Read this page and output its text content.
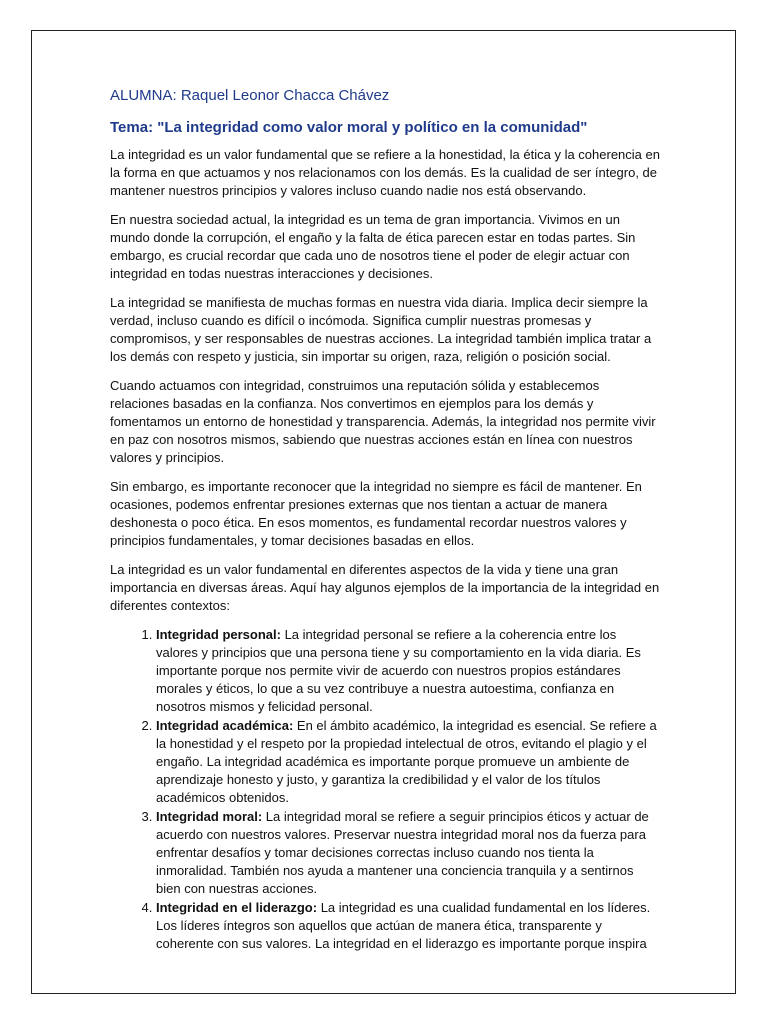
ALUMNA: Raquel Leonor Chacca Chávez
Tema: "La integridad como valor moral y político en la comunidad"

La integridad es un valor fundamental que se refiere a la honestidad, la ética y la coherencia en la forma en que actuamos y nos relacionamos con los demás. Es la cualidad de ser íntegro, de mantener nuestros principios y valores incluso cuando nadie nos está observando.

En nuestra sociedad actual, la integridad es un tema de gran importancia. Vivimos en un mundo donde la corrupción, el engaño y la falta de ética parecen estar en todas partes. Sin embargo, es crucial recordar que cada uno de nosotros tiene el poder de elegir actuar con integridad en todas nuestras interacciones y decisiones.

La integridad se manifiesta de muchas formas en nuestra vida diaria. Implica decir siempre la verdad, incluso cuando es difícil o incómoda. Significa cumplir nuestras promesas y compromisos, y ser responsables de nuestras acciones. La integridad también implica tratar a los demás con respeto y justicia, sin importar su origen, raza, religión o posición social.

Cuando actuamos con integridad, construimos una reputación sólida y establecemos relaciones basadas en la confianza. Nos convertimos en ejemplos para los demás y fomentamos un entorno de honestidad y transparencia. Además, la integridad nos permite vivir en paz con nosotros mismos, sabiendo que nuestras acciones están en línea con nuestros valores y principios.

Sin embargo, es importante reconocer que la integridad no siempre es fácil de mantener. En ocasiones, podemos enfrentar presiones externas que nos tientan a actuar de manera deshonesta o poco ética. En esos momentos, es fundamental recordar nuestros valores y principios fundamentales, y tomar decisiones basadas en ellos.

La integridad es un valor fundamental en diferentes aspectos de la vida y tiene una gran importancia en diversas áreas. Aquí hay algunos ejemplos de la importancia de la integridad en diferentes contextos:

1. Integridad personal: La integridad personal se refiere a la coherencia entre los valores y principios que una persona tiene y su comportamiento en la vida diaria. Es importante porque nos permite vivir de acuerdo con nuestros propios estándares morales y éticos, lo que a su vez contribuye a nuestra autoestima, confianza en nosotros mismos y felicidad personal.
2. Integridad académica: En el ámbito académico, la integridad es esencial. Se refiere a la honestidad y el respeto por la propiedad intelectual de otros, evitando el plagio y el engaño. La integridad académica es importante porque promueve un ambiente de aprendizaje honesto y justo, y garantiza la credibilidad y el valor de los títulos académicos obtenidos.
3. Integridad moral: La integridad moral se refiere a seguir principios éticos y actuar de acuerdo con nuestros valores. Preservar nuestra integridad moral nos da fuerza para enfrentar desafíos y tomar decisiones correctas incluso cuando nos tienta la inmoralidad. También nos ayuda a mantener una conciencia tranquila y a sentirnos bien con nuestras acciones.
4. Integridad en el liderazgo: La integridad es una cualidad fundamental en los líderes. Los líderes íntegros son aquellos que actúan de manera ética, transparente y coherente con sus valores. La integridad en el liderazgo es importante porque inspira
